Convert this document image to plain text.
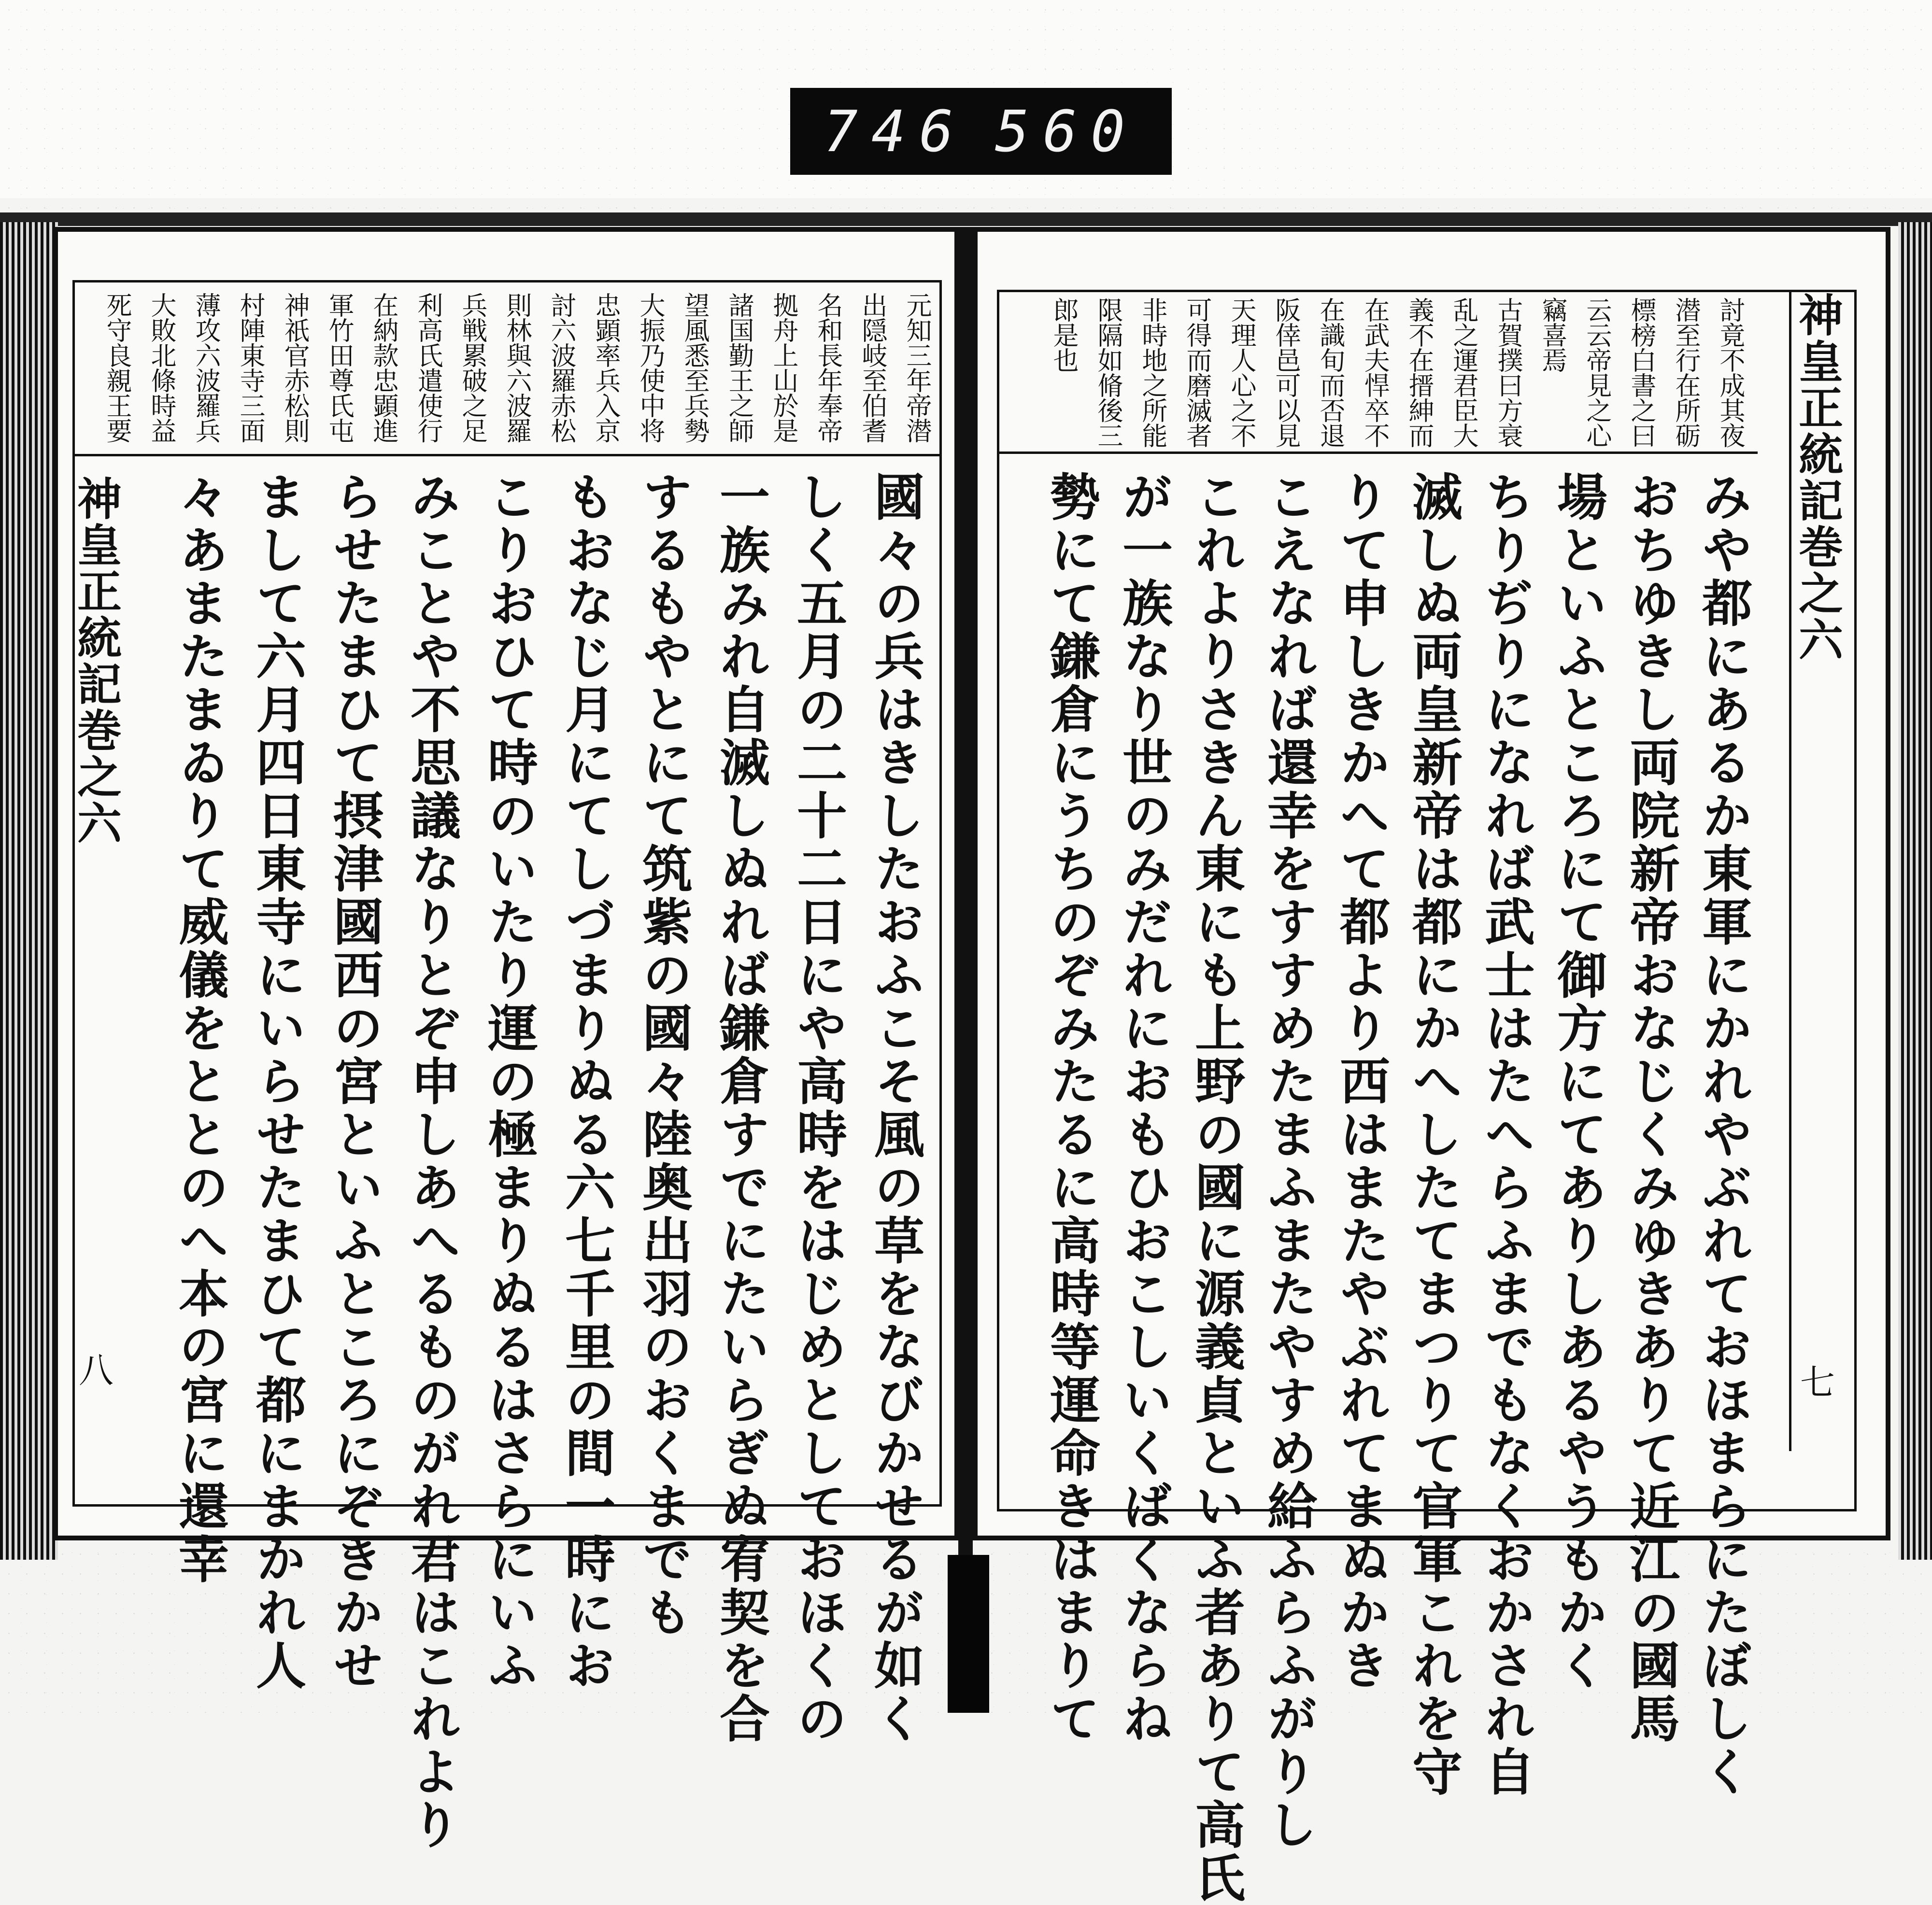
746 560
元知三年帝潜
出隠岐至伯耆
名和長年奉帝
拠舟上山於是
諸国勤王之師
望風悉至兵勢
大振乃使中将
忠顕率兵入京
討六波羅赤松
則林與六波羅
兵戦累破之足
利高氏遣使行
在納款忠顕進
軍竹田尊氏屯
神祇官赤松則
村陣東寺三面
薄攻六波羅兵
大敗北條時益
死守良親王要
國々の兵はきしたおふこそ風の草をなびかせるが如く
しく五月の二十二日にや高時をはじめとしておほくの
一族みれ自滅しぬれば鎌倉すでにたいらぎぬ宥契を合
するもやとにて筑紫の國々陸奥出羽のおくまでも
もおなじ月にてしづまりぬる六七千里の間一時にお
こりおひて時のいたり運の極まりぬるはさらにいふ
みことや不思議なりとぞ申しあへるものがれ君はこれより
らせたまひて摂津國西の宮といふところにぞきかせ
まして六月四日東寺にいらせたまひて都にまかれ人
々あまたまゐりて威儀をととのへ本の宮に還幸
神皇正統記巻之六
八
討竟不成其夜
潜至行在所砺
標榜白書之曰
云云帝見之心
竊喜焉
古賀撲曰方衰
乱之運君臣大
義不在搢紳而
在武夫悍卒不
在識旬而否退
阪倖邑可以見
天理人心之不
可得而磨滅者
非時地之所能
限隔如脩後三
郎是也
みや都にあるか東軍にかれやぶれておほまらにたぼしく
おちゆきし両院新帝おなじくみゆきありて近江の國馬
場といふところにて御方にてありしあるやうもかく
ちりぢりになれば武士はたへらふまでもなくおかされ自
滅しぬ両皇新帝は都にかへしたてまつりて官軍これを守
りて申しきかへて都より西はまたやぶれてまぬかき
こえなれば還幸をすすめたまふまたやすめ給ふらふがりし
これよりさきん東にも上野の國に源義貞といふ者ありて高氏
が一族なり世のみだれにおもひおこしいくばくならね
勢にて鎌倉にうちのぞみたるに高時等運命きはまりて	神皇正統記巻之六
七
